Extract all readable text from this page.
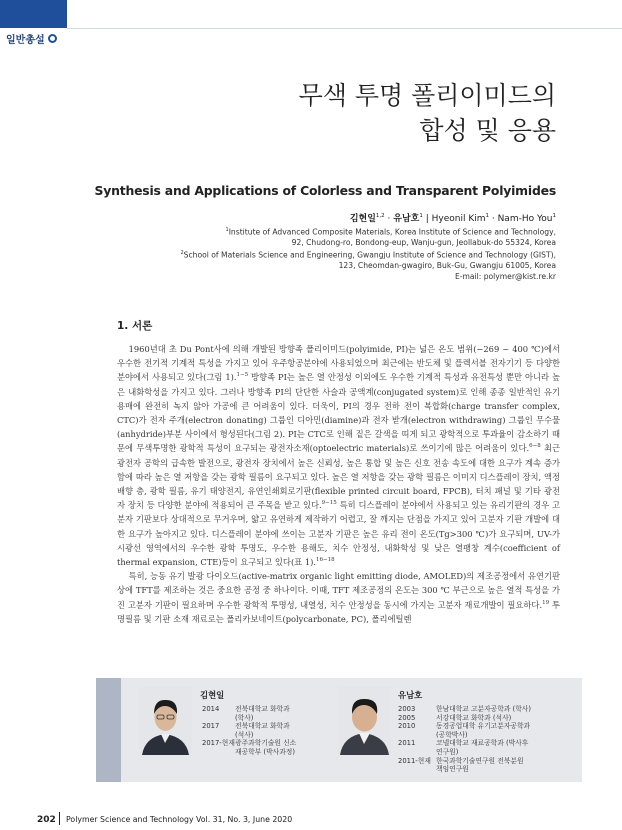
일반총설
무색 투명 폴리이미드의
합성 및 응용
Synthesis and Applications of Colorless and Transparent Polyimides
김현일$^{1,2}$ · 유남호$^1$ | Hyeonil Kim$^1$ · Nam-Ho You$^1$
$^1$Institute of Advanced Composite Materials, Korea Institute of Science and Technology,
92, Chudong-ro, Bondong-eup, Wanju-gun, Jeollabuk-do 55324, Korea
$^2$School of Materials Science and Engineering, Gwangju Institute of Science and Technology (GIST),
123, Cheomdan-gwagiro, Buk-Gu, Gwangju 61005, Korea
E-mail: polymer@kist.re.kr
1. 서론

1960년대 초 Du Pont사에 의해 개발된 방향족 폴리이미드(polyimide, PI)는 넓은 온도 범위(−269 ~ 400 ℃)에서 우수한 전기적 기계적 특성을 가지고 있어 우주항공분야에 사용되었으며 최근에는 반도체 및 플렉서블 전자기기 등 다양한 분야에서 사용되고 있다(그림 1).$^{1-5}$ 방향족 PI는 높은 열 안정성 이외에도 우수한 기계적 특성과 유전특성 뿐만 아니라 높은 내화학성을 가지고 있다. 그러나 방향족 PI의 단단한 사슬과 공액계(conjugated system)로 인해 종종 일반적인 유기 용매에 완전히 녹지 않아 가공에 큰 어려움이 있다. 더욱이, PI의 경우 전하 전이 복합화(charge transfer complex, CTC)가 전자 주개(electron donating) 그룹인 디아민(diamine)과 전자 받개(electron withdrawing) 그룹인 무수물(anhydride)부분 사이에서 형성된다(그림 2). PI는 CTC로 인해 짙은 갈색을 띠게 되고 광학적으로 투과율이 감소하기 때문에 무색투명한 광학적 특성이 요구되는 광전자소재(optoelectric materials)로 쓰이기에 많은 어려움이 있다.$^{6-8}$ 최근 광전자 공학의 급속한 발전으로, 광전자 장치에서 높은 신뢰성, 높은 통합 및 높은 신호 전송 속도에 대한 요구가 계속 증가함에 따라 높은 열 저항을 갖는 광학 필름이 요구되고 있다. 높은 열 저항을 갖는 광학 필름은 이미지 디스플레이 장치, 액정 배향 층, 광학 필름, 유기 태양전지, 유연인쇄회로기판(flexible printed circuit board, FPCB), 터치 패널 및 기타 광전자 장치 등 다양한 분야에 적용되어 큰 주목을 받고 있다.$^{9-15}$ 특히 디스플레이 분야에서 사용되고 있는 유리기판의 경우 고분자 기판보다 상대적으로 무거우며, 얇고 유연하게 제작하기 어렵고, 잘 깨지는 단점을 가지고 있어 고분자 기판 개발에 대한 요구가 높아지고 있다. 디스플레이 분야에 쓰이는 고분자 기판은 높은 유리 전이 온도(Tg>300 ℃)가 요구되며, UV-가시광선 영역에서의 우수한 광학 투명도, 우수한 용해도, 치수 안정성, 내화학성 및 낮은 열팽창 계수(coefficient of thermal expansion, CTE)등이 요구되고 있다(표 1).$^{16-18}$

특히, 능동 유기 발광 다이오드(active-matrix organic light emitting diode, AMOLED)의 제조공정에서 유연기판 상에 TFT를 제조하는 것은 중요한 공정 중 하나이다. 이때, TFT 제조공정의 온도는 300 ℃ 부근으로 높은 열적 특성을 가진 고분자 기판이 필요하며 우수한 광학적 투명성, 내열성, 치수 안정성을 동시에 가지는 고분자 재료개발이 필요하다.$^{19}$ 투명필름 및 기판 소재 재료로는 폴리카보네이트(polycarbonate, PC), 폴리에틸렌

Author	김현일
2014	전북대학교 화학과 (학사)
2017	전북대학교 화학과 (석사)
2017-현재 광주과학기술원 신소재공학부 (박사과정)
유남호
2003	한남대학교 고분자공학과 (학사)
2005	서강대학교 화학과 (석사)
2010	동경공업대학 유기고분자공학과 (공학박사)
2011	코넬대학교 재료공학과 (박사후 연구원)
2011-현재 한국과학기술연구원 전북분원 책임연구원
202 Polymer Science and Technology Vol. 31, No. 3, June 2020
